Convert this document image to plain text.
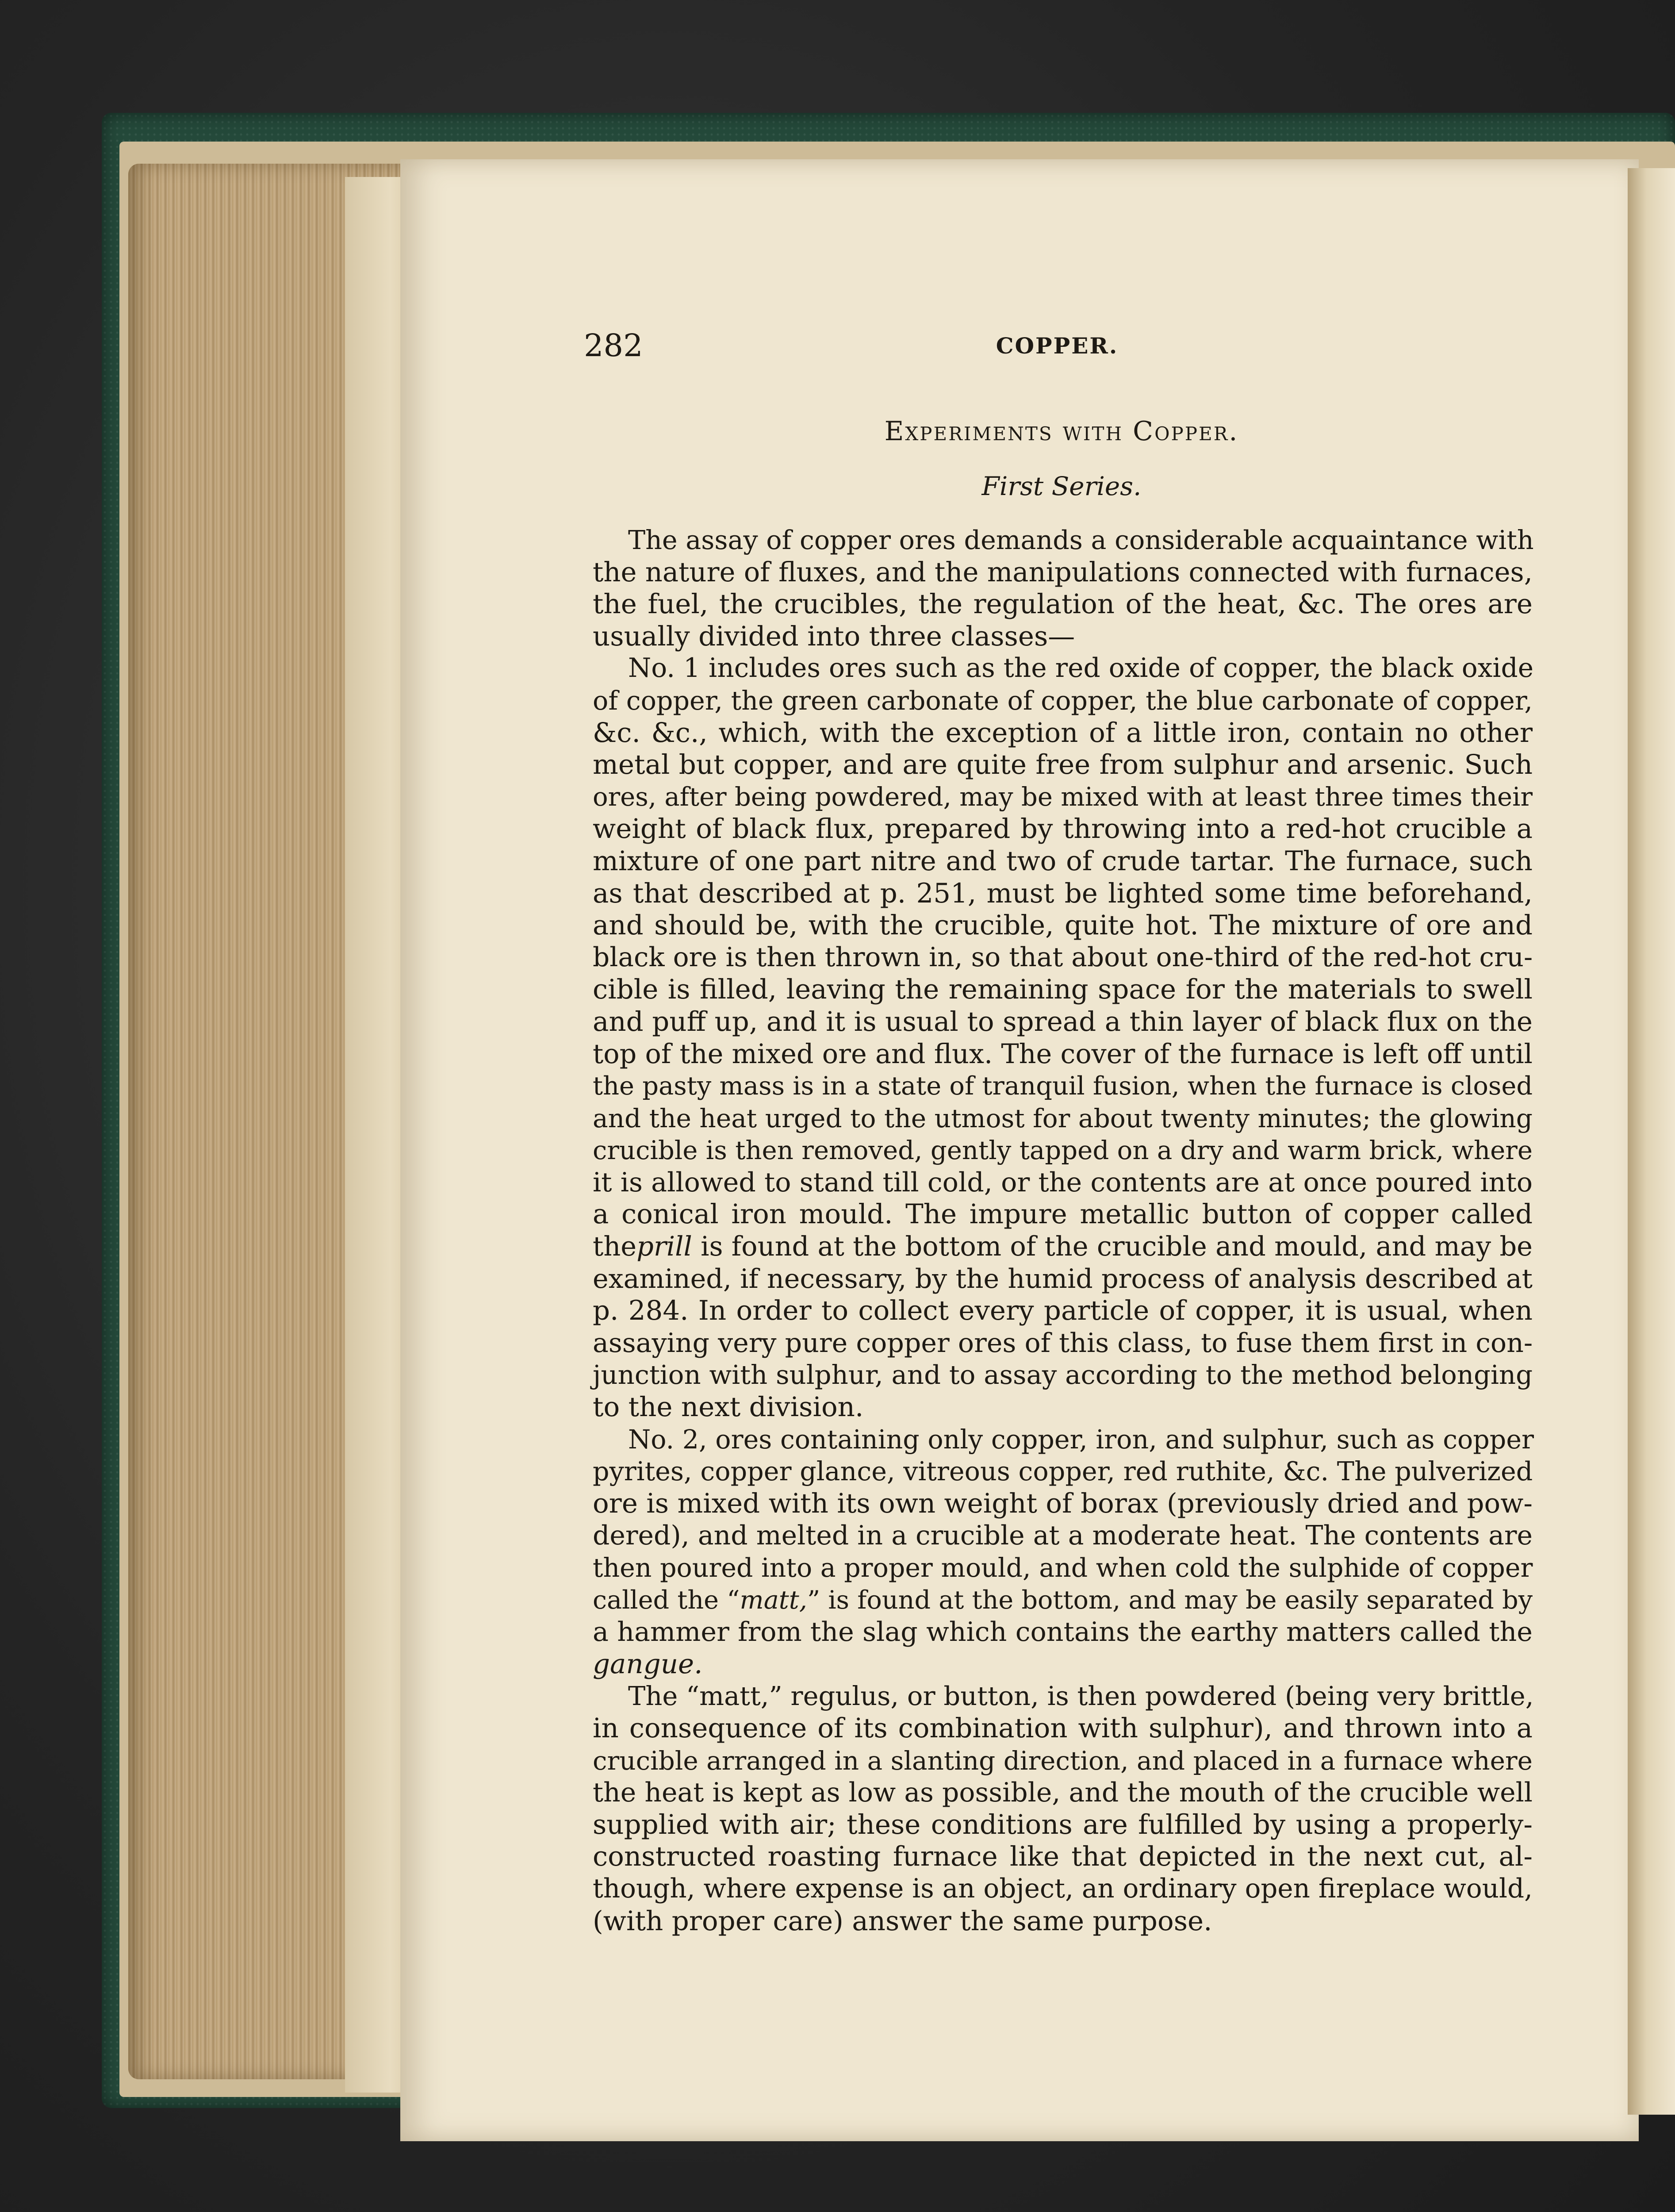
282	COPPER.
Experiments with Copper.
First Series.
The assay of copper ores demands a considerable acquaintance with
the nature of fluxes, and the manipulations connected with furnaces,
the fuel, the crucibles, the regulation of the heat, &c. The ores are
usually divided into three classes—
No. 1 includes ores such as the red oxide of copper, the black oxide
of copper, the green carbonate of copper, the blue carbonate of copper,
&c. &c., which, with the exception of a little iron, contain no other
metal but copper, and are quite free from sulphur and arsenic. Such
ores, after being powdered, may be mixed with at least three times their
weight of black flux, prepared by throwing into a red-hot crucible a
mixture of one part nitre and two of crude tartar. The furnace, such
as that described at p. 251, must be lighted some time beforehand,
and should be, with the crucible, quite hot. The mixture of ore and
black ore is then thrown in, so that about one-third of the red-hot cru-
cible is filled, leaving the remaining space for the materials to swell
and puff up, and it is usual to spread a thin layer of black flux on the
top of the mixed ore and flux. The cover of the furnace is left off until
the pasty mass is in a state of tranquil fusion, when the furnace is closed
and the heat urged to the utmost for about twenty minutes; the glowing
crucible is then removed, gently tapped on a dry and warm brick, where
it is allowed to stand till cold, or the contents are at once poured into
a conical iron mould. The impure metallic button of copper called
theprill is found at the bottom of the crucible and mould, and may be
examined, if necessary, by the humid process of analysis described at
p. 284. In order to collect every particle of copper, it is usual, when
assaying very pure copper ores of this class, to fuse them first in con-
junction with sulphur, and to assay according to the method belonging
to the next division.
No. 2, ores containing only copper, iron, and sulphur, such as copper
pyrites, copper glance, vitreous copper, red ruthite, &c. The pulverized
ore is mixed with its own weight of borax (previously dried and pow-
dered), and melted in a crucible at a moderate heat. The contents are
then poured into a proper mould, and when cold the sulphide of copper
called the “matt,” is found at the bottom, and may be easily separated by
a hammer from the slag which contains the earthy matters called the
gangue.
The “matt,” regulus, or button, is then powdered (being very brittle,
in consequence of its combination with sulphur), and thrown into a
crucible arranged in a slanting direction, and placed in a furnace where
the heat is kept as low as possible, and the mouth of the crucible well
supplied with air; these conditions are fulfilled by using a properly-
constructed roasting furnace like that depicted in the next cut, al-
though, where expense is an object, an ordinary open fireplace would,
(with proper care) answer the same purpose.
